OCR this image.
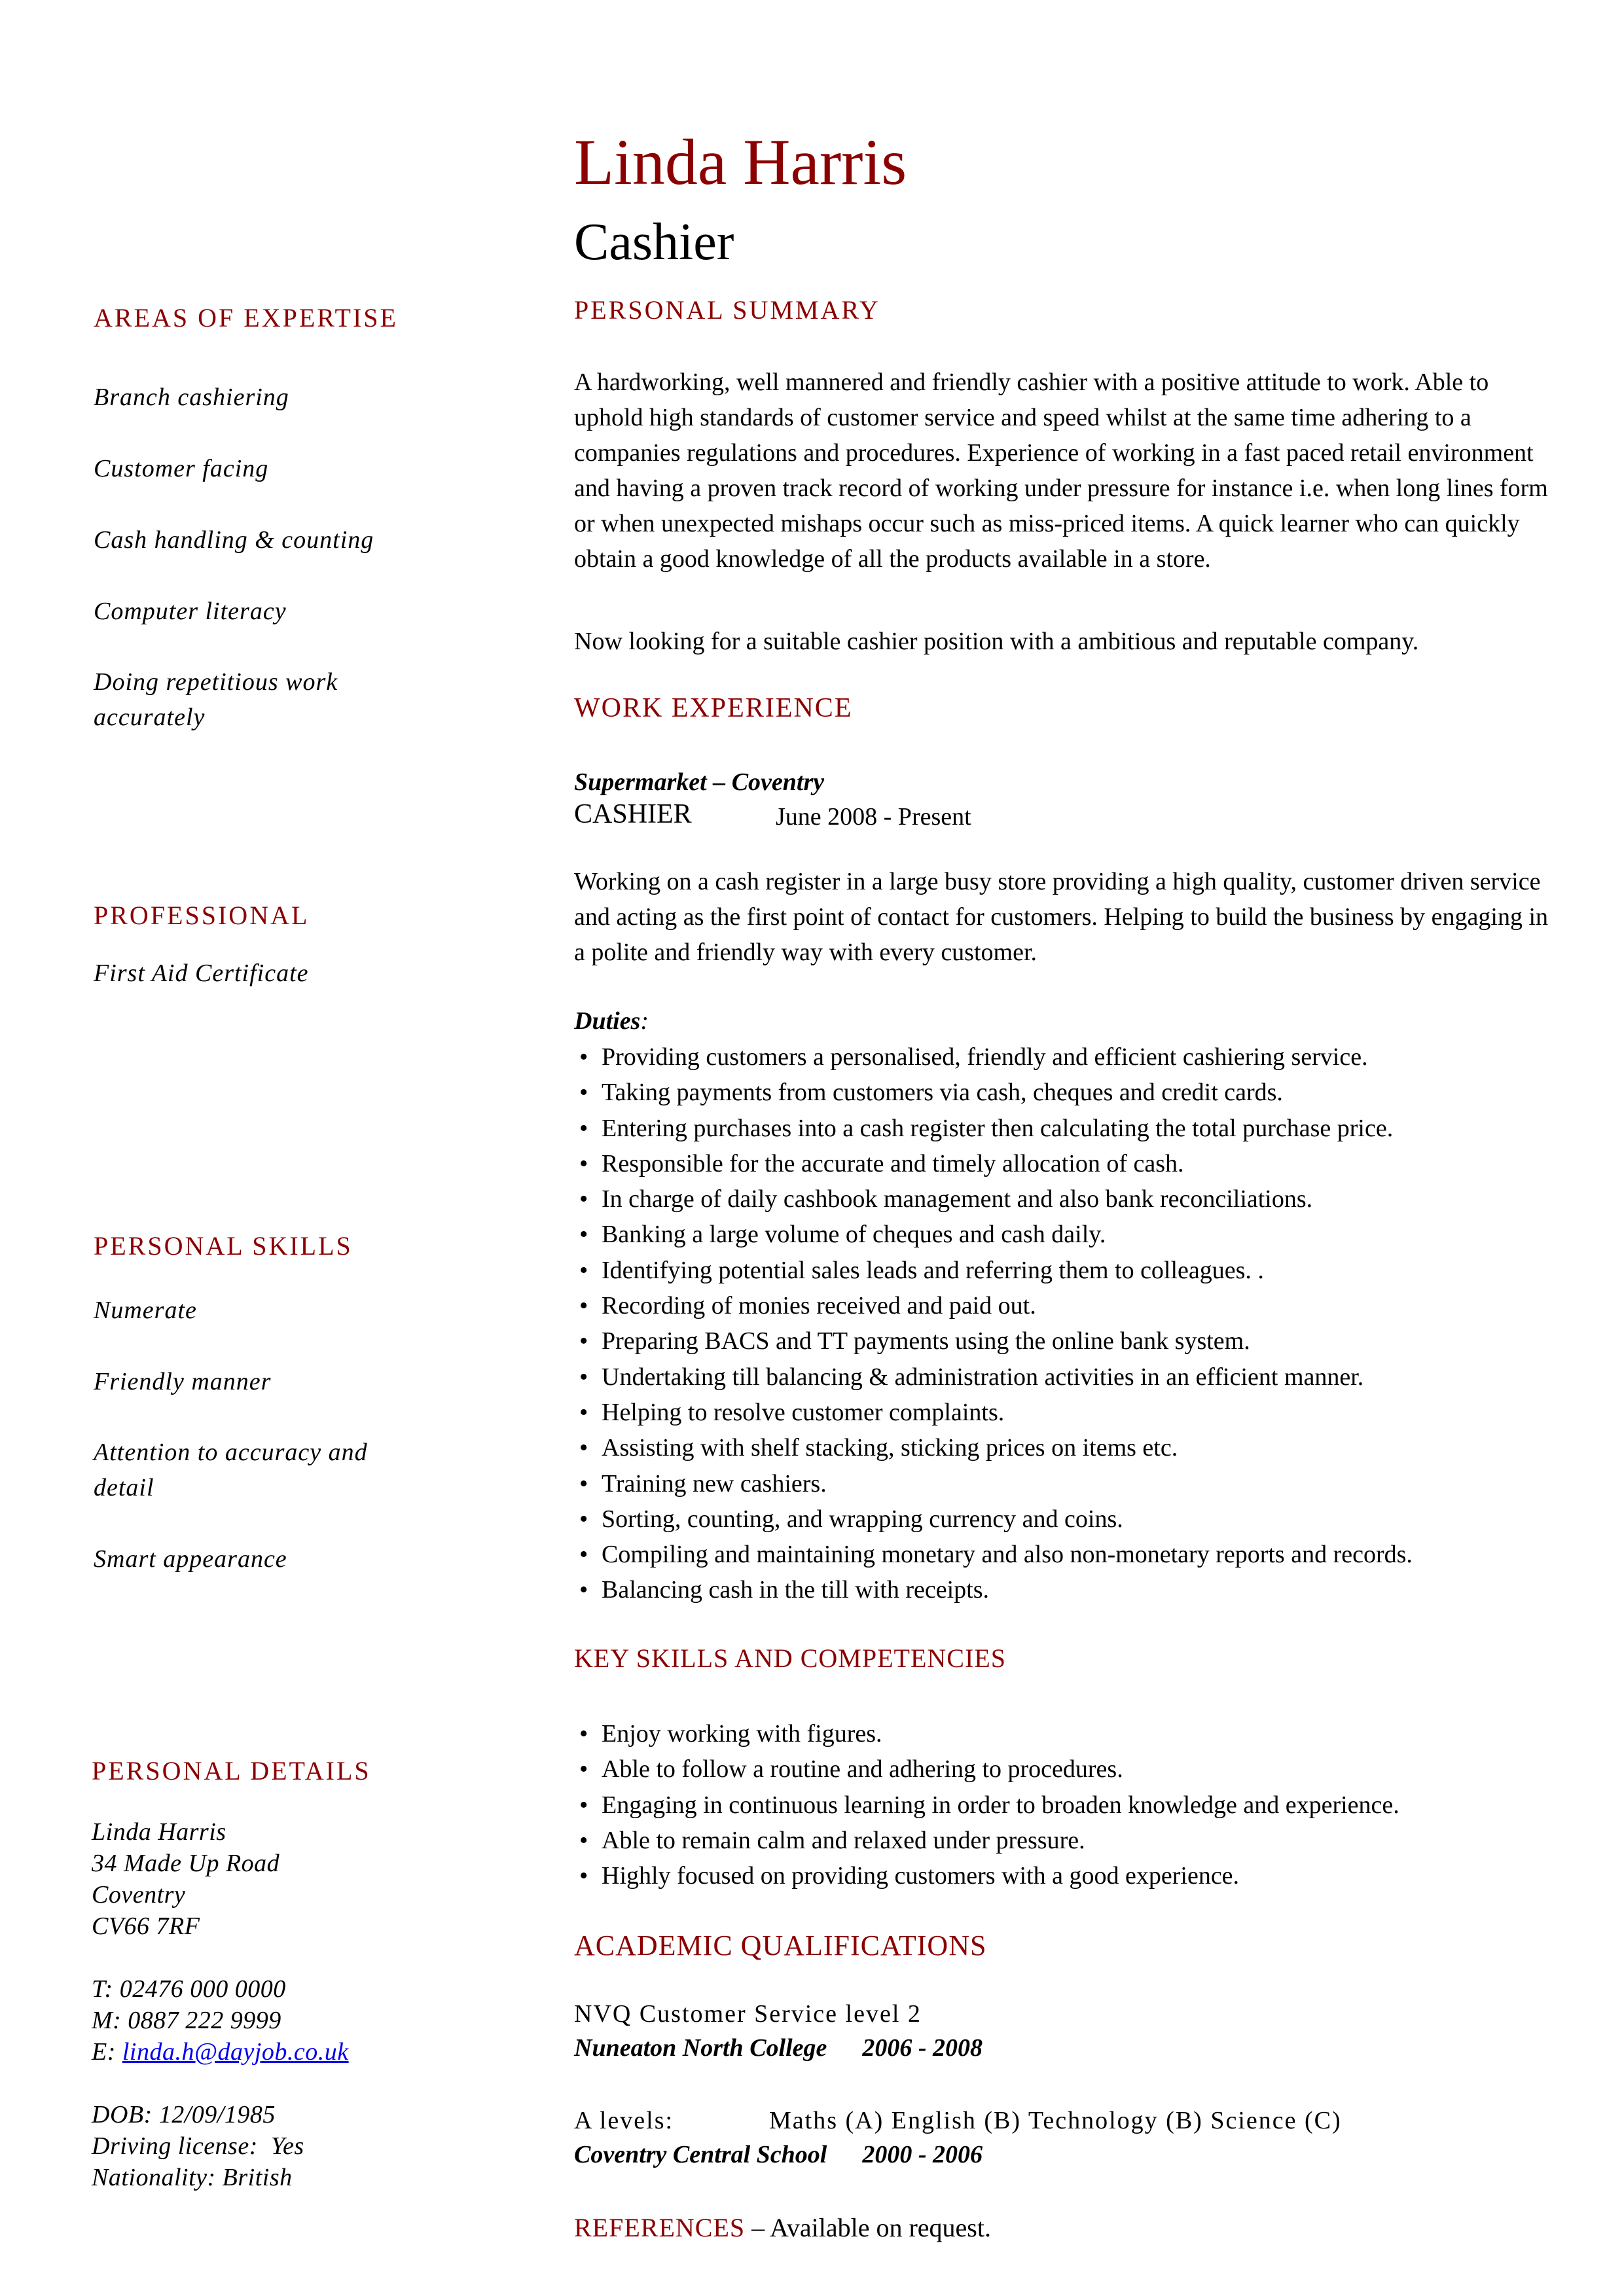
Linda Harris
Cashier
AREAS OF EXPERTISE
Branch cashiering
Customer facing
Cash handling & counting
Computer literacy
Doing repetitious work accurately
PROFESSIONAL
First Aid Certificate
PERSONAL SKILLS
Numerate
Friendly manner
Attention to accuracy and detail
Smart appearance
PERSONAL DETAILS
Linda Harris
34 Made Up Road
Coventry
CV66 7RF
T: 02476 000 0000
M: 0887 222 9999
E: linda.h@dayjob.co.uk
DOB: 12/09/1985
Driving license:  Yes
Nationality: British
PERSONAL SUMMARY

A hardworking, well mannered and friendly cashier with a positive attitude to work. Able to uphold high standards of customer service and speed whilst at the same time adhering to a companies regulations and procedures. Experience of working in a fast paced retail environment and having a proven track record of working under pressure for instance i.e. when long lines form or when unexpected mishaps occur such as miss-priced items. A quick learner who can quickly obtain a good knowledge of all the products available in a store.

Now looking for a suitable cashier position with a ambitious and reputable company.

WORK EXPERIENCE
Supermarket – Coventry
CASHIER	June 2008 - Present

Working on a cash register in a large busy store providing a high quality, customer driven service and acting as the first point of contact for customers. Helping to build the business by engaging in a polite and friendly way with every customer.

Duties:
• Providing customers a personalised, friendly and efficient cashiering service.
• Taking payments from customers via cash, cheques and credit cards.
• Entering purchases into a cash register then calculating the total purchase price.
• Responsible for the accurate and timely allocation of cash.
• In charge of daily cashbook management and also bank reconciliations.
• Banking a large volume of cheques and cash daily.
• Identifying potential sales leads and referring them to colleagues. .
• Recording of monies received and paid out.
• Preparing BACS and TT payments using the online bank system.
• Undertaking till balancing & administration activities in an efficient manner.
• Helping to resolve customer complaints.
• Assisting with shelf stacking, sticking prices on items etc.
• Training new cashiers.
• Sorting, counting, and wrapping currency and coins.
• Compiling and maintaining monetary and also non-monetary reports and records.
• Balancing cash in the till with receipts.
KEY SKILLS AND COMPETENCIES
• Enjoy working with figures.
• Able to follow a routine and adhering to procedures.
• Engaging in continuous learning in order to broaden knowledge and experience.
• Able to remain calm and relaxed under pressure.
• Highly focused on providing customers with a good experience.
ACADEMIC QUALIFICATIONS
NVQ Customer Service level 2
Nuneaton North College 2006 - 2008
A levels:	Maths (A) English (B) Technology (B) Science (C)
Coventry Central School 2000 - 2006
REFERENCES – Available on request.
